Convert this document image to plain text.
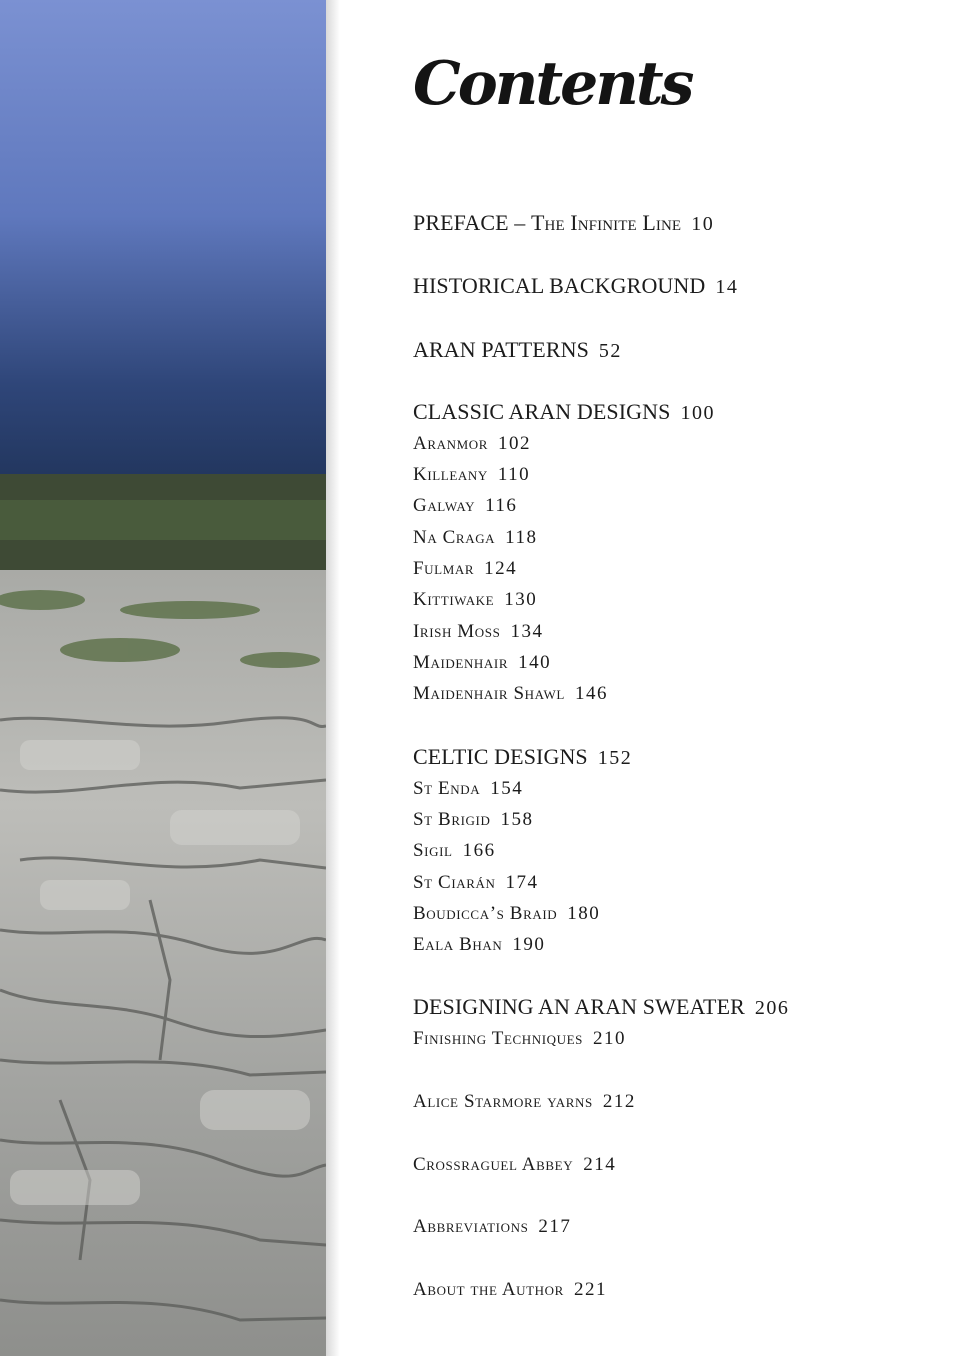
Contents
PREFACE – The Infinite Line 10
HISTORICAL BACKGROUND 14
ARAN PATTERNS 52
CLASSIC ARAN DESIGNS 100
Aranmor 102
Killeany 110
Galway 116
Na Craga 118
Fulmar 124
Kittiwake 130
Irish Moss 134
Maidenhair 140
Maidenhair Shawl 146
CELTIC DESIGNS 152
St Enda 154
St Brigid 158
Sigil 166
St Ciarán 174
Boudicca’s Braid 180
Eala Bhan 190
DESIGNING AN ARAN SWEATER 206
Finishing Techniques 210
Alice Starmore yarns 212
Crossraguel Abbey 214
Abbreviations 217
About the Author 221
